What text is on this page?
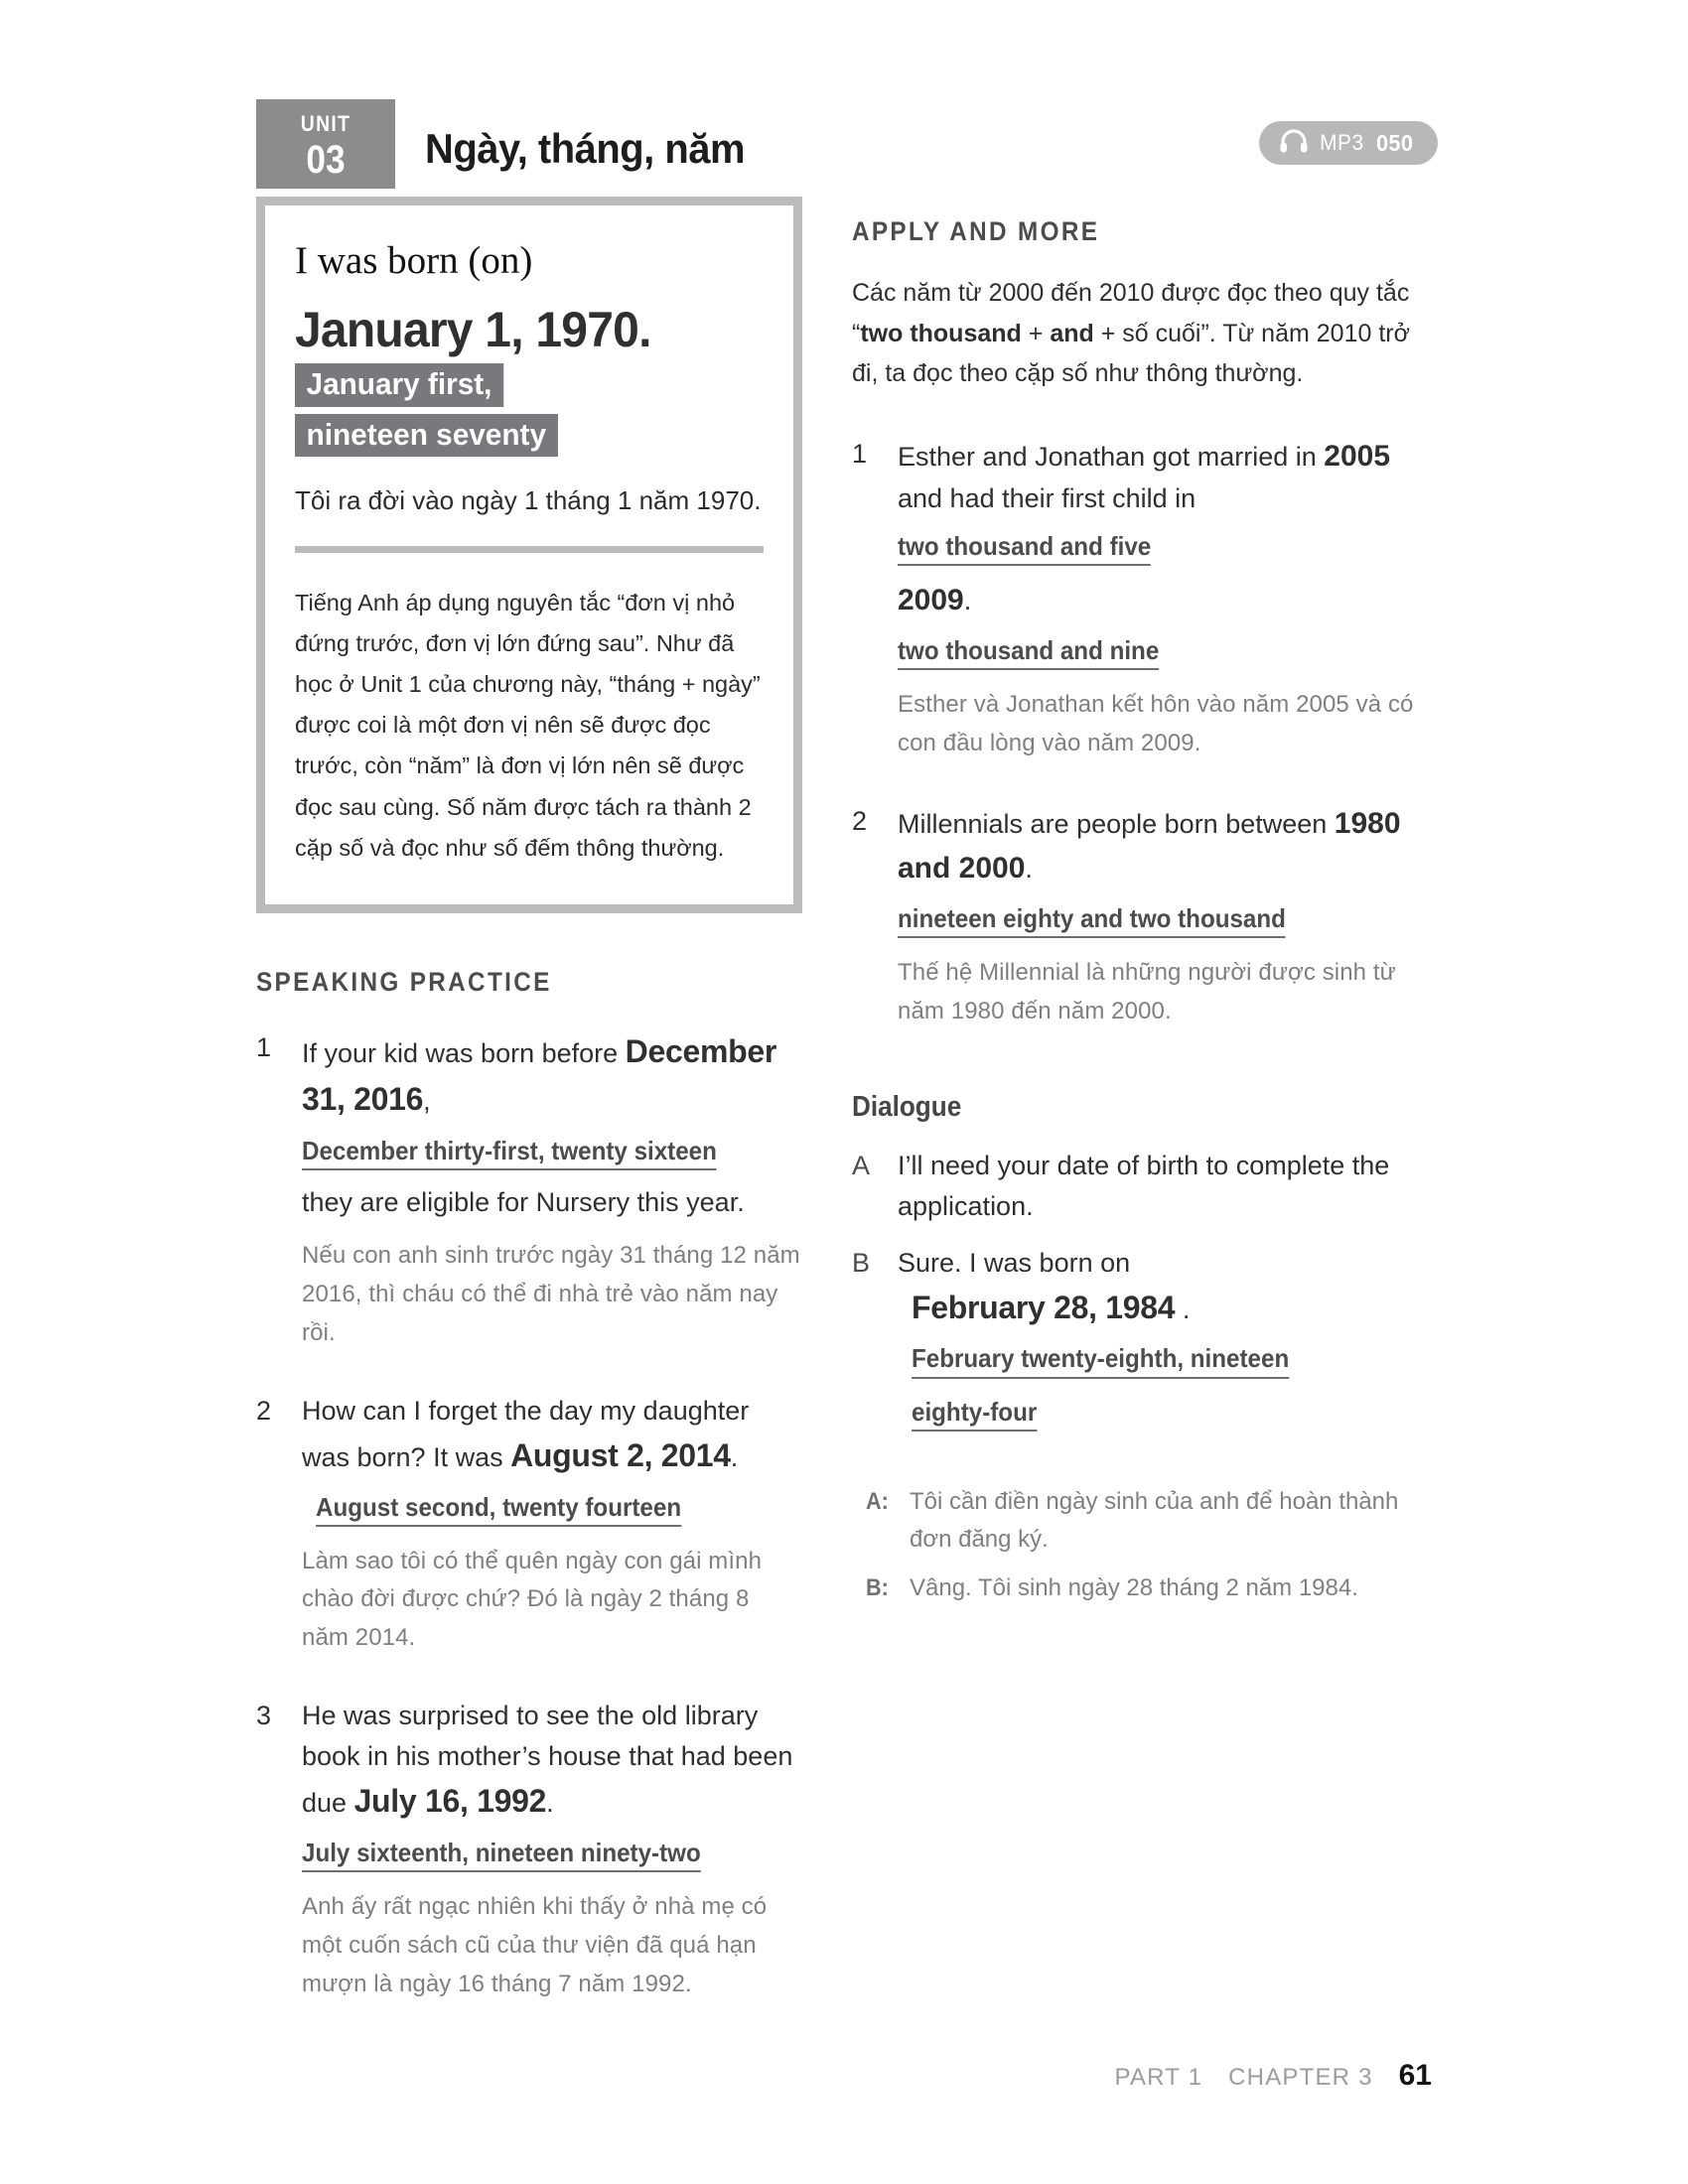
UNIT
03	Ngày, tháng, năm	MP3 050
I was born (on)
January 1, 1970.
January first,
nineteen seventy
Tôi ra đời vào ngày 1 tháng 1 năm 1970.
Tiếng Anh áp dụng nguyên tắc “đơn vị nhỏ đứng trước, đơn vị lớn đứng sau”. Như đã học ở Unit 1 của chương này, “tháng + ngày” được coi là một đơn vị nên sẽ được đọc trước, còn “năm” là đơn vị lớn nên sẽ được đọc sau cùng. Số năm được tách ra thành 2 cặp số và đọc như số đếm thông thường.
SPEAKING PRACTICE
1	If your kid was born before December 31, 2016,
December thirty-first, twenty sixteen
they are eligible for Nursery this year.
Nếu con anh sinh trước ngày 31 tháng 12 năm 2016, thì cháu có thể đi nhà trẻ vào năm nay rồi.
2	How can I forget the day my daughter was born? It was August 2, 2014.
August second, twenty fourteen
Làm sao tôi có thể quên ngày con gái mình chào đời được chứ? Đó là ngày 2 tháng 8 năm 2014.
3	He was surprised to see the old library book in his mother’s house that had been due July 16, 1992.
July sixteenth, nineteen ninety-two
Anh ấy rất ngạc nhiên khi thấy ở nhà mẹ có một cuốn sách cũ của thư viện đã quá hạn mượn là ngày 16 tháng 7 năm 1992.
APPLY AND MORE
Các năm từ 2000 đến 2010 được đọc theo quy tắc “two thousand + and + số cuối”. Từ năm 2010 trở đi, ta đọc theo cặp số như thông thường.
1	Esther and Jonathan got married in 2005 and had their first child in
two thousand and five
2009.
two thousand and nine
Esther và Jonathan kết hôn vào năm 2005 và có con đầu lòng vào năm 2009.
2	Millennials are people born between 1980 and 2000.
nineteen eighty and two thousand
Thế hệ Millennial là những người được sinh từ năm 1980 đến năm 2000.
Dialogue
A	I’ll need your date of birth to complete the application.
B	Sure. I was born on
February 28, 1984 .
February twenty-eighth, nineteen
eighty-four
A: Tôi cần điền ngày sinh của anh để hoàn thành đơn đăng ký.
B: Vâng. Tôi sinh ngày 28 tháng 2 năm 1984.
PART 1 CHAPTER 3 61
